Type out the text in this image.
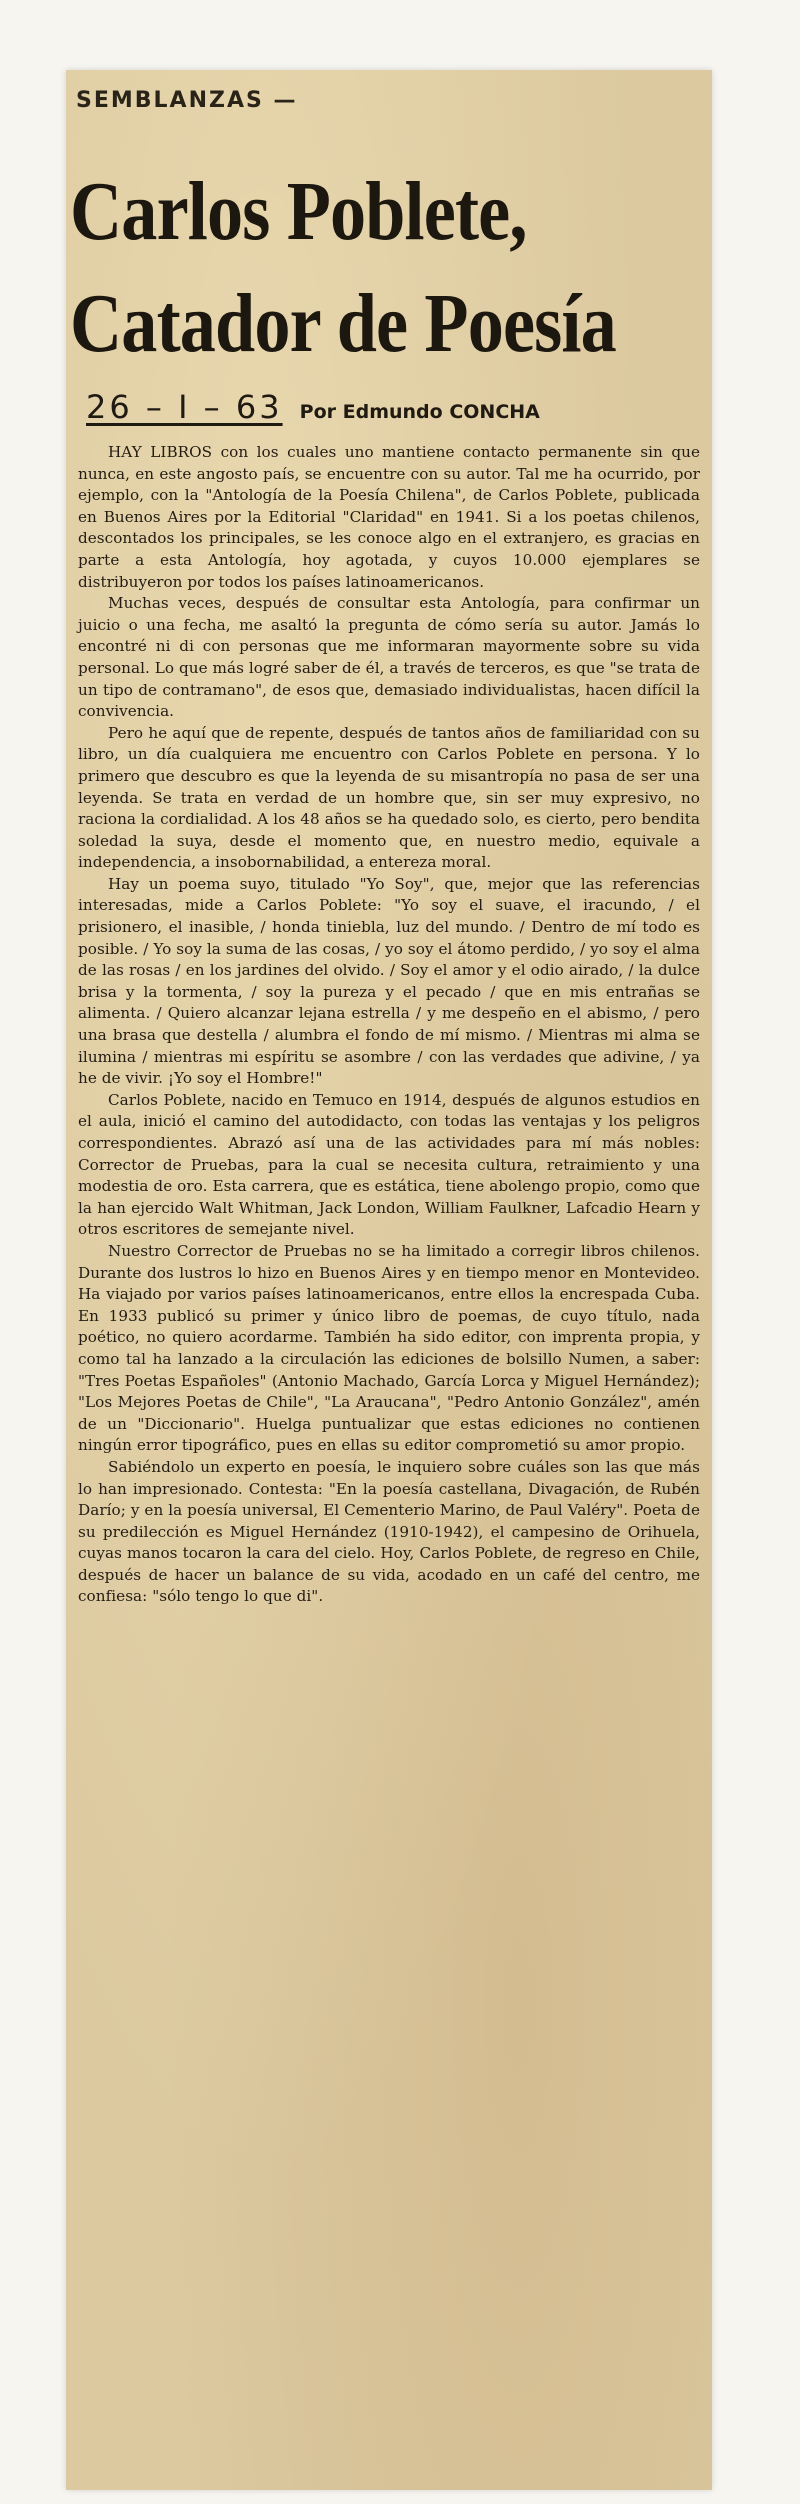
SEMBLANZAS —
Carlos Poblete,
Catador de Poesía
26 – I – 63 Por Edmundo CONCHA

HAY LIBROS con los cuales uno mantiene contacto permanente sin que nunca, en este angosto país, se encuentre con su autor. Tal me ha ocurrido, por ejemplo, con la "Antología de la Poesía Chilena", de Carlos Poblete, publicada en Buenos Aires por la Editorial "Claridad" en 1941. Si a los poetas chilenos, descontados los principales, se les conoce algo en el extranjero, es gracias en parte a esta Antología, hoy agotada, y cuyos 10.000 ejemplares se distribuyeron por todos los países latinoamericanos.

Muchas veces, después de consultar esta Antología, para confirmar un juicio o una fecha, me asaltó la pregunta de cómo sería su autor. Jamás lo encontré ni di con personas que me informaran mayormente sobre su vida personal. Lo que más logré saber de él, a través de terceros, es que "se trata de un tipo de contramano", de esos que, demasiado individualistas, hacen difícil la convivencia.

Pero he aquí que de repente, después de tantos años de familiaridad con su libro, un día cualquiera me encuentro con Carlos Poblete en persona. Y lo primero que descubro es que la leyenda de su misantropía no pasa de ser una leyenda. Se trata en verdad de un hombre que, sin ser muy expresivo, no raciona la cordialidad. A los 48 años se ha quedado solo, es cierto, pero bendita soledad la suya, desde el momento que, en nuestro medio, equivale a independencia, a insobornabilidad, a entereza moral.

Hay un poema suyo, titulado "Yo Soy", que, mejor que las referencias interesadas, mide a Carlos Poblete: "Yo soy el suave, el iracundo, / el prisionero, el inasible, / honda tiniebla, luz del mundo. / Dentro de mí todo es posible. / Yo soy la suma de las cosas, / yo soy el átomo perdido, / yo soy el alma de las rosas / en los jardines del olvido. / Soy el amor y el odio airado, / la dulce brisa y la tormenta, / soy la pureza y el pecado / que en mis entrañas se alimenta. / Quiero alcanzar lejana estrella / y me despeño en el abismo, / pero una brasa que destella / alumbra el fondo de mí mismo. / Mientras mi alma se ilumina / mientras mi espíritu se asombre / con las verdades que adivine, / ya he de vivir. ¡Yo soy el Hombre!"

Carlos Poblete, nacido en Temuco en 1914, después de algunos estudios en el aula, inició el camino del autodidacto, con todas las ventajas y los peligros correspondientes. Abrazó así una de las actividades para mí más nobles: Corrector de Pruebas, para la cual se necesita cultura, retraimiento y una modestia de oro. Esta carrera, que es estática, tiene abolengo propio, como que la han ejercido Walt Whitman, Jack London, William Faulkner, Lafcadio Hearn y otros escritores de semejante nivel.

Nuestro Corrector de Pruebas no se ha limitado a corregir libros chilenos. Durante dos lustros lo hizo en Buenos Aires y en tiempo menor en Montevideo. Ha viajado por varios países latinoamericanos, entre ellos la encrespada Cuba. En 1933 publicó su primer y único libro de poemas, de cuyo título, nada poético, no quiero acordarme. También ha sido editor, con imprenta propia, y como tal ha lanzado a la circulación las ediciones de bolsillo Numen, a saber: "Tres Poetas Españoles" (Antonio Machado, García Lorca y Miguel Hernández); "Los Mejores Poetas de Chile", "La Araucana", "Pedro Antonio González", amén de un "Diccionario". Huelga puntualizar que estas ediciones no contienen ningún error tipográfico, pues en ellas su editor comprometió su amor propio.

Sabiéndolo un experto en poesía, le inquiero sobre cuáles son las que más lo han impresionado. Contesta: "En la poesía castellana, Divagación, de Rubén Darío; y en la poesía universal, El Cementerio Marino, de Paul Valéry". Poeta de su predilección es Miguel Hernández (1910-1942), el campesino de Orihuela, cuyas manos tocaron la cara del cielo. Hoy, Carlos Poblete, de regreso en Chile, después de hacer un balance de su vida, acodado en un café del centro, me confiesa: "sólo tengo lo que di".
